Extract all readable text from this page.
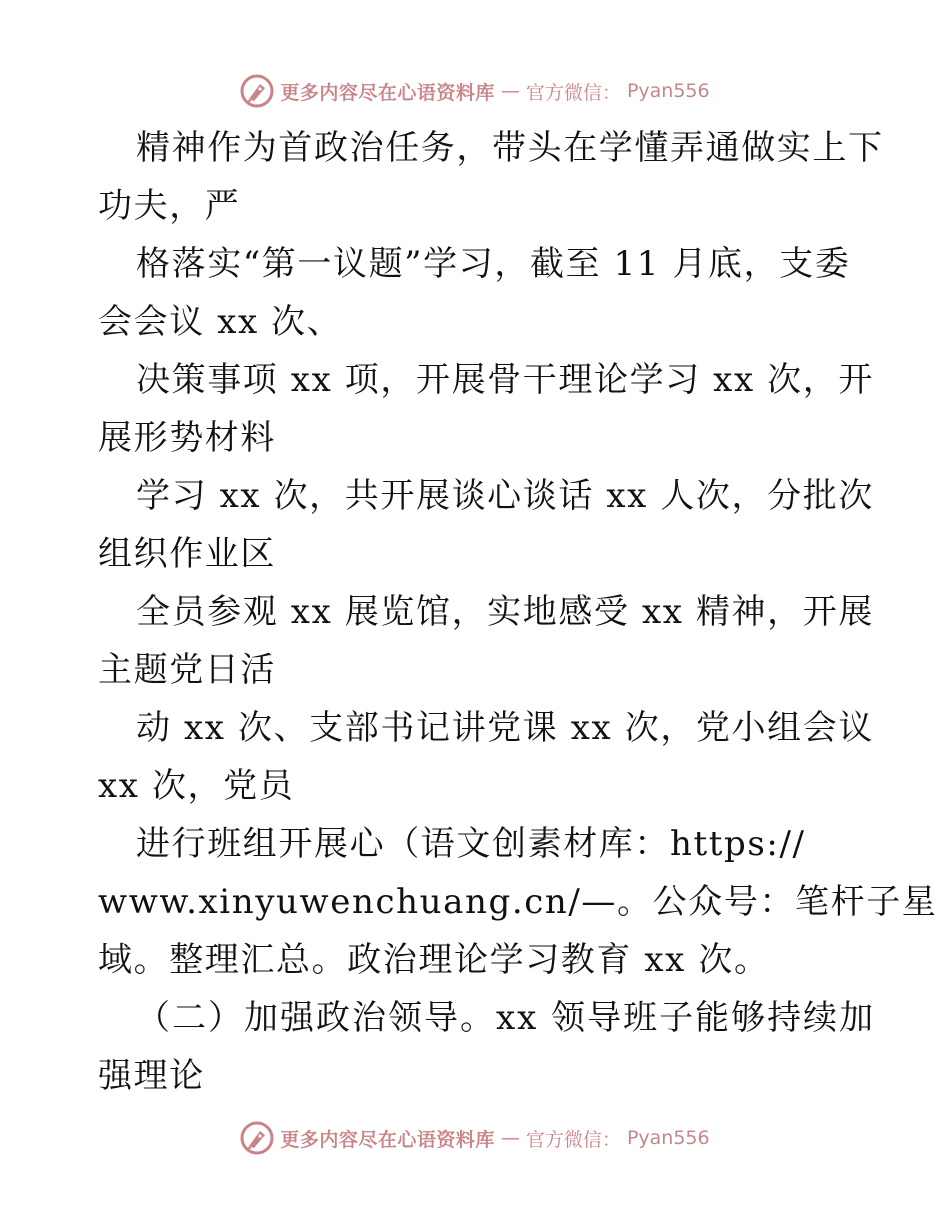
更多内容尽在心语资料库 — 官方微信： Pyan556
精神作为首政治任务，带头在学懂弄通做实上下
功夫，严
格落实“第一议题”学习，截至 11 月底，支委
会会议 xx 次、
决策事项 xx 项，开展骨干理论学习 xx 次，开
展形势材料
学习 xx 次，共开展谈心谈话 xx 人次，分批次
组织作业区
全员参观 xx 展览馆，实地感受 xx 精神，开展
主题党日活
动 xx 次、支部书记讲党课 xx 次，党小组会议
xx 次，党员
进行班组开展心（语文创素材库：https://
www.xinyuwenchuang.cn/—。公众号：笔杆子星
域。整理汇总。政治理论学习教育 xx 次。
（二）加强政治领导。xx 领导班子能够持续加
强理论
更多内容尽在心语资料库 — 官方微信： Pyan556
